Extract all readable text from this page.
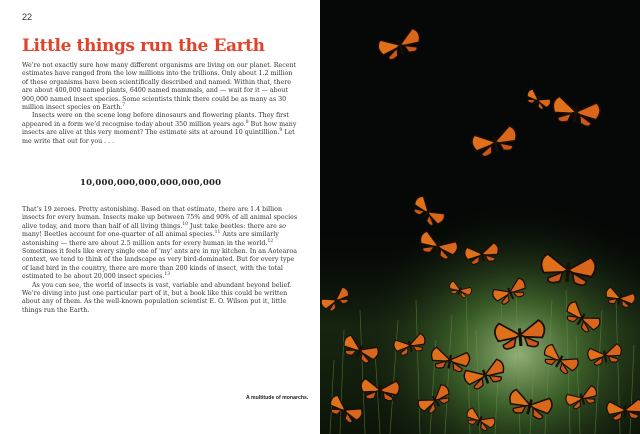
22
Little things run the Earth

We’re not exactly sure how many different organisms are living on our planet. Recent estimates have ranged from the low millions into the trillions. Only about 1.2 million of these organisms have been scientifically described and named. Within that, there are about 400,000 named plants, 6400 named mammals, and — wait for it — about 900,000 named insect species. Some scientists think there could be as many as 30 million insect species on Earth.$^7$

Insects were on the scene long before dinosaurs and flowering plants. They first appeared in a form we’d recognise today about 350 million years ago.$^8$ But how many insects are alive at this very moment? The estimate sits at around 10 quintillion.$^9$ Let me write that out for you . . .

10,000,000,000,000,000,000

That’s 19 zeroes. Pretty astonishing. Based on that estimate, there are 1.4 billion insects for every human. Insects make up between 75% and 90% of all animal species alive today, and more than half of all living things.$^{10}$ Just take beetles: there are so many! Beetles account for one-quarter of all animal species.$^{11}$ Ants are similarly astonishing — there are about 2.5 million ants for every human in the world.$^{12}$ Sometimes it feels like every single one of ‘my’ ants are in my kitchen. In an Aotearoa context, we tend to think of the landscape as very bird-dominated. But for every type of land bird in the country, there are more than 200 kinds of insect, with the total estimated to be about 20,000 insect species.$^{13}$

As you can see, the world of insects is vast, variable and abundant beyond belief. We’re diving into just one particular part of it, but a book like this could be written about any of them. As the well-known population scientist E. O. Wilson put it, little things run the Earth.

A multitude of monarchs.
